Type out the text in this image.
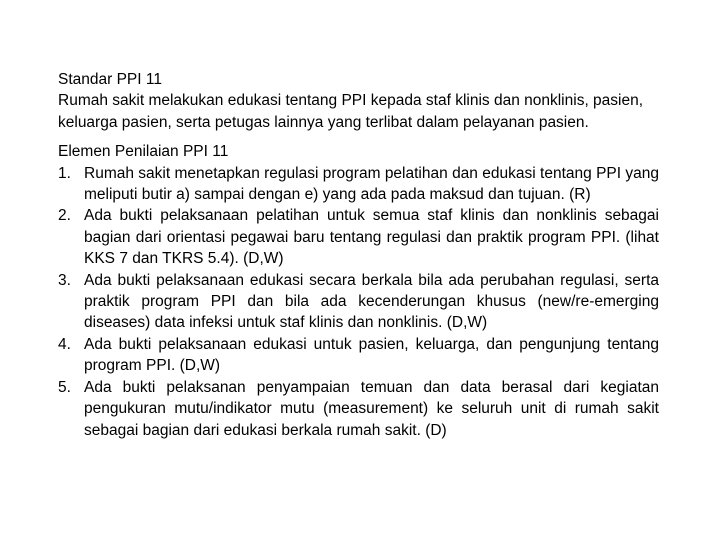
Standar PPI 11

Rumah sakit melakukan edukasi tentang PPI kepada staf klinis dan nonklinis, pasien, keluarga pasien, serta petugas lainnya yang terlibat dalam pelayanan pasien.

Elemen Penilaian PPI 11

1. Rumah sakit menetapkan regulasi program pelatihan dan edukasi tentang PPI yang meliputi butir a) sampai dengan e) yang ada pada maksud dan tujuan. (R)
2. Ada bukti pelaksanaan pelatihan untuk semua staf klinis dan nonklinis sebagai bagian dari orientasi pegawai baru tentang regulasi dan praktik program PPI. (lihat KKS 7 dan TKRS 5.4). (D,W)
3. Ada bukti pelaksanaan edukasi secara berkala bila ada perubahan regulasi, serta praktik program PPI dan bila ada kecenderungan khusus (new/re-emerging diseases) data infeksi untuk staf klinis dan nonklinis. (D,W)
4. Ada bukti pelaksanaan edukasi untuk pasien, keluarga, dan pengunjung tentang program PPI. (D,W)
5. Ada bukti pelaksanan penyampaian temuan dan data berasal dari kegiatan pengukuran mutu/indikator mutu (measurement) ke seluruh unit di rumah sakit sebagai bagian dari edukasi berkala rumah sakit. (D)
